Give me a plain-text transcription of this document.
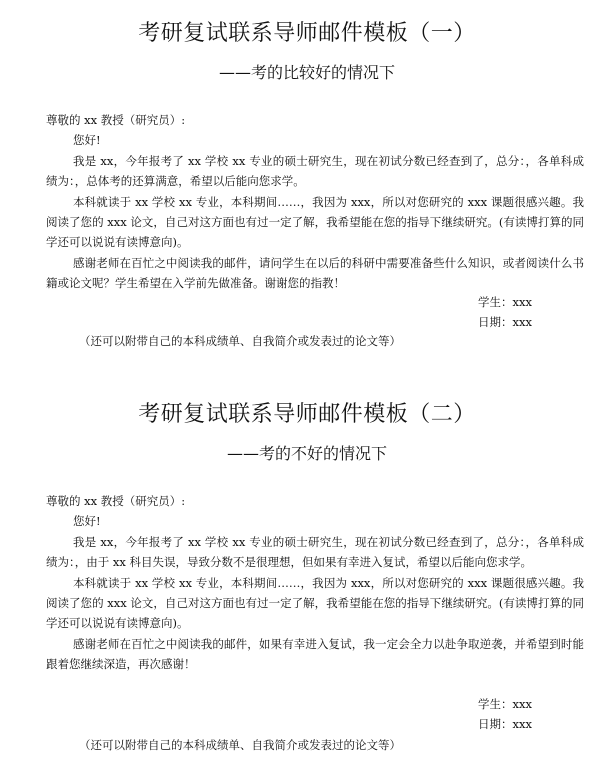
考研复试联系导师邮件模板（一）
——考的比较好的情况下

尊敬的 xx 教授（研究员）:

您好!

我是 xx，今年报考了 xx 学校 xx 专业的硕士研究生，现在初试分数已经查到了，总分：，各单科成绩为：，总体考的还算满意，希望以后能向您求学。

本科就读于 xx 学校 xx 专业，本科期间……，我因为 xxx，所以对您研究的 xxx 课题很感兴趣。我阅读了您的 xxx 论文，自己对这方面也有过一定了解，我希望能在您的指导下继续研究。(有读博打算的同学还可以说说有读博意向)。

感谢老师在百忙之中阅读我的邮件，请问学生在以后的科研中需要准备些什么知识，或者阅读什么书籍或论文呢？学生希望在入学前先做准备。谢谢您的指教！

学生：xxx
日期：xxx
（还可以附带自己的本科成绩单、自我简介或发表过的论文等）
考研复试联系导师邮件模板（二）
——考的不好的情况下

尊敬的 xx 教授（研究员）:

您好!

我是 xx，今年报考了 xx 学校 xx 专业的硕士研究生，现在初试分数已经查到了，总分：，各单科成绩为：，由于 xx 科目失误，导致分数不是很理想，但如果有幸进入复试，希望以后能向您求学。

本科就读于 xx 学校 xx 专业，本科期间……，我因为 xxx，所以对您研究的 xxx 课题很感兴趣。我阅读了您的 xxx 论文，自己对这方面也有过一定了解，我希望能在您的指导下继续研究。(有读博打算的同学还可以说说有读博意向)。

感谢老师在百忙之中阅读我的邮件，如果有幸进入复试，我一定会全力以赴争取逆袭，并希望到时能跟着您继续深造，再次感谢！

学生：xxx
日期：xxx
（还可以附带自己的本科成绩单、自我简介或发表过的论文等）
